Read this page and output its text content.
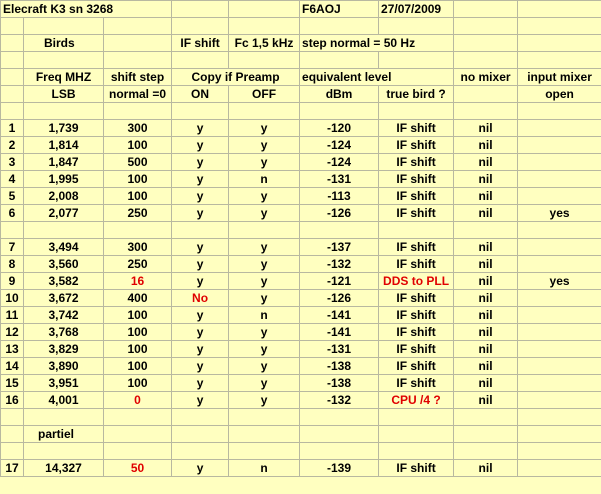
Elecraft K3 sn 3268					F6AOJ	27/07/2009		

	Birds		IF shift	Fc 1,5 kHz	step normal = 50 Hz			

	Freq MHZ	shift step	Copy if Preamp		equivalent level		no mixer	input mixer
	LSB	normal =0	ON	OFF	dBm	true bird ?		open

1	1,739	300	y	y	-120	IF shift	nil	
2	1,814	100	y	y	-124	IF shift	nil	
3	1,847	500	y	y	-124	IF shift	nil	
4	1,995	100	y	n	-131	IF shift	nil	
5	2,008	100	y	y	-113	IF shift	nil	
6	2,077	250	y	y	-126	IF shift	nil	yes

7	3,494	300	y	y	-137	IF shift	nil	
8	3,560	250	y	y	-132	IF shift	nil	
9	3,582	16	y	y	-121	DDS to PLL	nil	yes
10	3,672	400	No	y	-126	IF shift	nil	
11	3,742	100	y	n	-141	IF shift	nil	
12	3,768	100	y	y	-141	IF shift	nil	
13	3,829	100	y	y	-131	IF shift	nil	
14	3,890	100	y	y	-138	IF shift	nil	
15	3,951	100	y	y	-138	IF shift	nil	
16	4,001	0	y	y	-132	CPU /4 ?	nil	

	partiel							

17	14,327	50	y	n	-139	IF shift	nil	
